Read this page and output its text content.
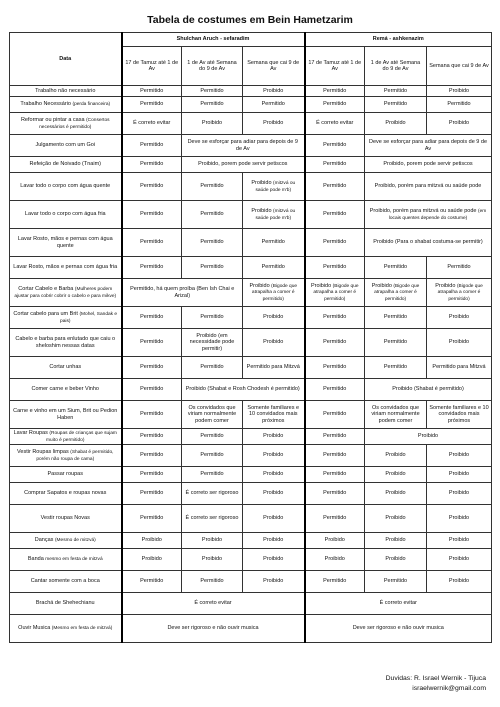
Tabela de costumes em Bein Hametzarim
Data	Shulchan Aruch - sefaradim			Remá - ashkenazim		
	17 de Tamuz até 1 de Av	1 de Av até Semana do 9 de Av	Semana que cai 9 de Av	17 de Tamuz até 1 de Av	1 de Av até Semana do 9 de Av	Semana que cai 9 de Av
Trabalho não necessário	Permitido	Permitido	Proibido	Permitido	Permitido	Proibido
Trabalho Necessário (perda financeira)	Permitido	Permitido	Permitido	Permitido	Permitido	Permitido
Reformar ou pintar a casa (Consertos necessários é permitido)	É correto evitar	Proibido	Proibido	É correto evitar	Proibido	Proibido
Julgamento com um Goi	Permitido	Deve se esforçar para adiar para depois de 9 de Av		Permitido	Deve se esforçar para adiar para depois de 9 de Av	
Refeição de Noivado (Tnaim)	Permitido	Proibido, porem pode servir petiscos		Permitido	Proibido, porem pode servir petiscos	
Lavar todo o corpo com água quente	Permitido	Permitido	Proibido (mitzvá ou saúde pode m'b)	Permitido	Proibido, porém para mitzvá ou saúde pode	
Lavar todo o corpo com água fria	Permitido	Permitido	Proibido (mitzvá ou saúde pode m'b)	Permitido	Proibido, porém para mitzvá ou saúde pode (em locais quentes depende do costume)	
Lavar Rosto, mãos e pernas com água quente	Permitido	Permitido	Permitido	Permitido	Proibido (Para o shabat costuma-se permitir)	
Lavar Rosto, mãos e pernas com água fria	Permitido	Permitido	Permitido	Permitido	Permitido	Permitido
Cortar Cabelo e Barba (Mulheres podem ajustar para cobrir cobrir o cabelo e para mikve)	Permitido, há quem proíba (Ben Ish Chai e Arizal)		Proibido (Bigode que atrapalha a comer é permitido)	Proibido (Bigode que atrapalha a comer é permitido)	Proibido (Bigode que atrapalha a comer é permitido)	Proibido (Bigode que atrapalha a comer é permitido)
Cortar cabelo para um Brit (Mohel, Sandak e pais)	Permitido	Permitido	Proibido	Permitido	Permitido	Proibido
Cabelo e barba para enlutado que caiu o sheloshim nessas datas	Permitido	Proibido (em necessidade pode permitir)	Proibido	Permitido	Permitido	Proibido
Cortar unhas	Permitido	Permitido	Permitido para Mitzvá	Permitido	Permitido	Permitido para Mitzvá
Comer carne e beber Vinho	Permitido	Proibido (Shabat e Rosh Chodesh é permitido)		Permitido	Proibido (Shabat é permitido)	
Carne e vinho em um Sium, Brit ou Pedion Haben	Permitido	Os convidados que viriam normalmente podem comer	Somente familiares e 10 convidados mais próximos	Permitido	Os convidados que viriam normalmente podem comer	Somente familiares e 10 convidados mais próximos
Lavar Roupas (Roupas de crianças que sujam muito é permitido)	Permitido	Permitido	Proibido	Permitido	Proibido	
Vestir Roupas limpas (Shabat é permitido, porém não roupa de cama)	Permitido	Permitido	Proibido	Permitido	Proibido	Proibido
Passar roupas	Permitido	Permitido	Proibido	Permitido	Proibido	Proibido
Comprar Sapatos e roupas novas	Permitido	É correto ser rigoroso	Proibido	Permitido	Proibido	Proibido
Vestir roupas Novas	Permitido	É correto ser rigoroso	Proibido	Permitido	Proibido	Proibido
Danças (Mesmo de mitzvá)	Proibido	Proibido	Proibido	Proibido	Proibido	Proibido
Banda mesmo em festa de mitzvá	Proibido	Proibido	Proibido	Proibido	Proibido	Proibido
Cantar somente com a boca	Permitido	Permitido	Proibido	Permitido	Permitido	Proibido
Brachá de Shehechianu	É correto evitar			É correto evitar		
Ouvir Musica (Mesmo em festa de mitzvá)	Deve ser rigoroso e não ouvir musica			Deve ser rigoroso e não ouvir musica		
Duvidas: R. Israel Wernik - Tijuca
israelwernik@gmail.com
